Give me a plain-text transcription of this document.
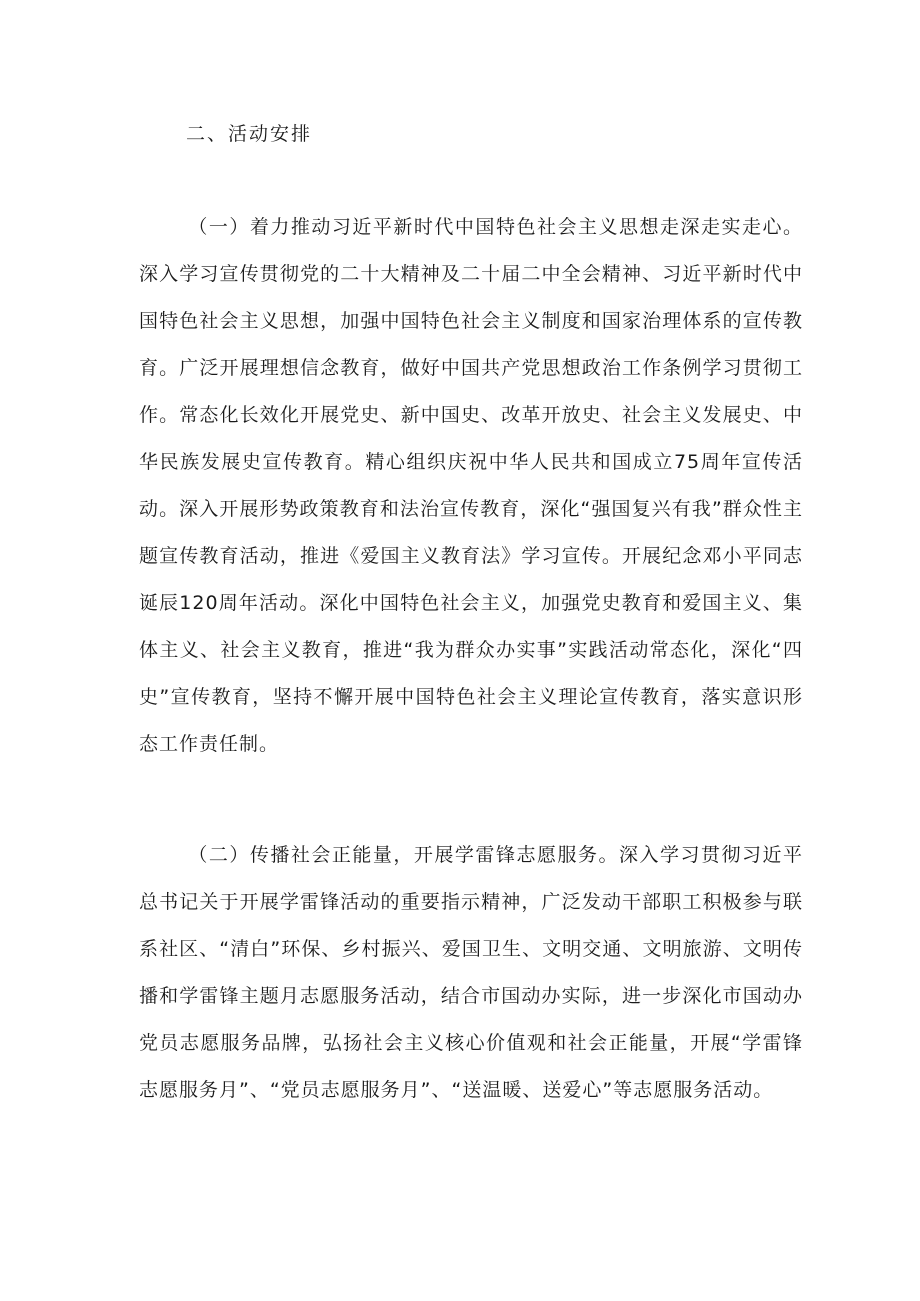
二、活动安排

（一）着力推动习近平新时代中国特色社会主义思想走深走实走心。深入学习宣传贯彻党的二十大精神及二十届二中全会精神、习近平新时代中国特色社会主义思想，加强中国特色社会主义制度和国家治理体系的宣传教育。广泛开展理想信念教育，做好中国共产党思想政治工作条例学习贯彻工作。常态化长效化开展党史、新中国史、改革开放史、社会主义发展史、中华民族发展史宣传教育。精心组织庆祝中华人民共和国成立75周年宣传活动。深入开展形势政策教育和法治宣传教育，深化“强国复兴有我”群众性主题宣传教育活动，推进《爱国主义教育法》学习宣传。开展纪念邓小平同志诞辰120周年活动。深化中国特色社会主义，加强党史教育和爱国主义、集体主义、社会主义教育，推进“我为群众办实事”实践活动常态化，深化“四史”宣传教育，坚持不懈开展中国特色社会主义理论宣传教育，落实意识形态工作责任制。

（二）传播社会正能量，开展学雷锋志愿服务。深入学习贯彻习近平总书记关于开展学雷锋活动的重要指示精神，广泛发动干部职工积极参与联系社区、“清白”环保、乡村振兴、爱国卫生、文明交通、文明旅游、文明传播和学雷锋主题月志愿服务活动，结合市国动办实际，进一步深化市国动办党员志愿服务品牌，弘扬社会主义核心价值观和社会正能量，开展“学雷锋志愿服务月”、“党员志愿服务月”、“送温暖、送爱心”等志愿服务活动。
